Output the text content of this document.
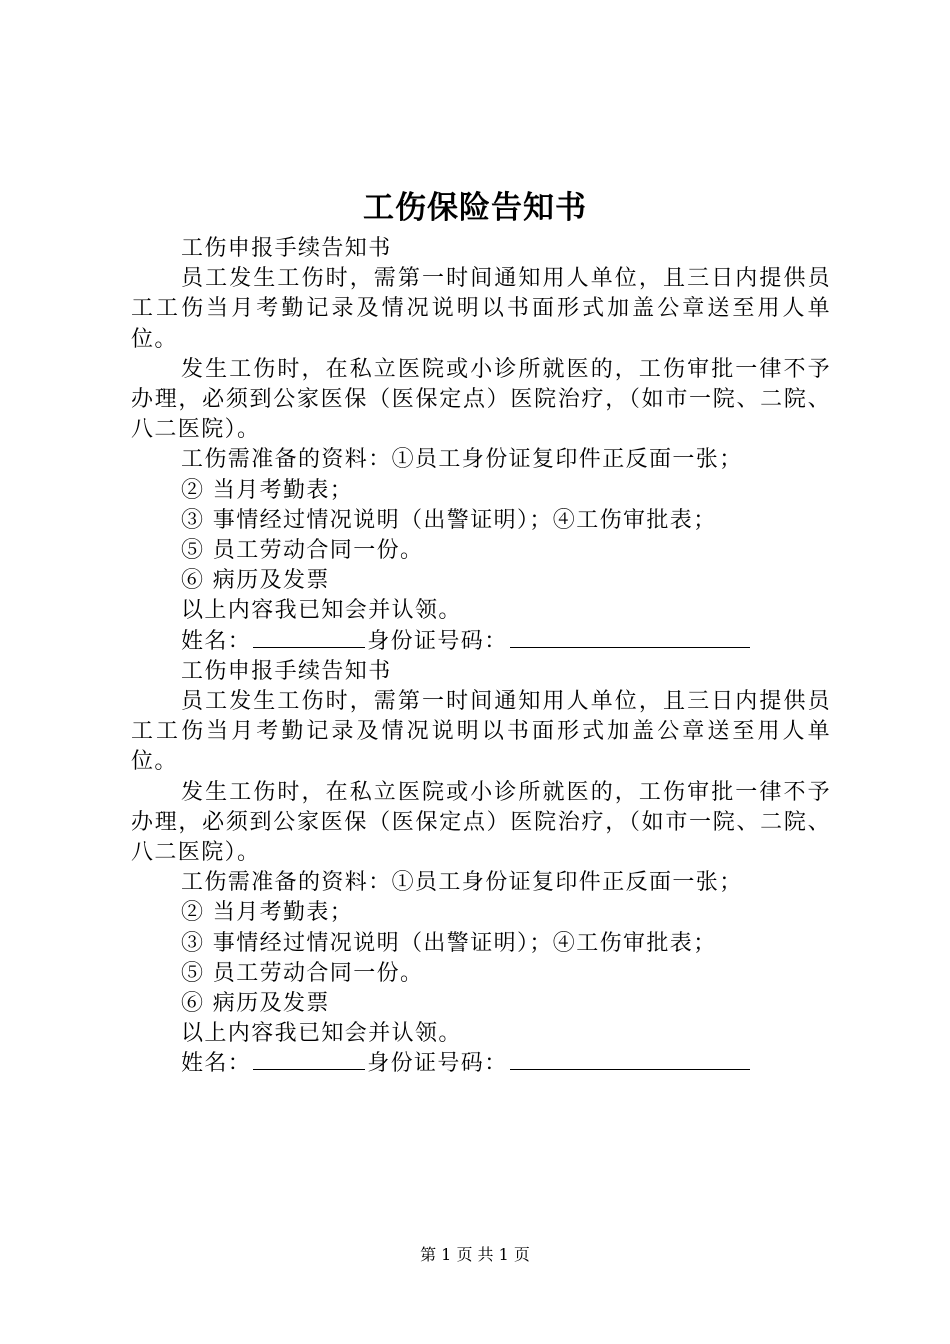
工伤保险告知书
工伤申报手续告知书
员工发生工伤时，需第一时间通知用人单位，且三日内提供员工工伤当月考勤记录及情况说明以书面形式加盖公章送至用人单位。
发生工伤时，在私立医院或小诊所就医的，工伤审批一律不予办理，必须到公家医保（医保定点）医院治疗，（如市一院、二院、八二医院）。
工伤需准备的资料：①员工身份证复印件正反面一张；
② 当月考勤表；
③ 事情经过情况说明（出警证明）；④工伤审批表；
⑤ 员工劳动合同一份。
⑥ 病历及发票
以上内容我已知会并认领。
姓名：	身份证号码：
工伤申报手续告知书
员工发生工伤时，需第一时间通知用人单位，且三日内提供员工工伤当月考勤记录及情况说明以书面形式加盖公章送至用人单位。
发生工伤时，在私立医院或小诊所就医的，工伤审批一律不予办理，必须到公家医保（医保定点）医院治疗，（如市一院、二院、八二医院）。
工伤需准备的资料：①员工身份证复印件正反面一张；
② 当月考勤表；
③ 事情经过情况说明（出警证明）；④工伤审批表；
⑤ 员工劳动合同一份。
⑥ 病历及发票
以上内容我已知会并认领。
姓名：	身份证号码：
第 1 页 共 1 页
